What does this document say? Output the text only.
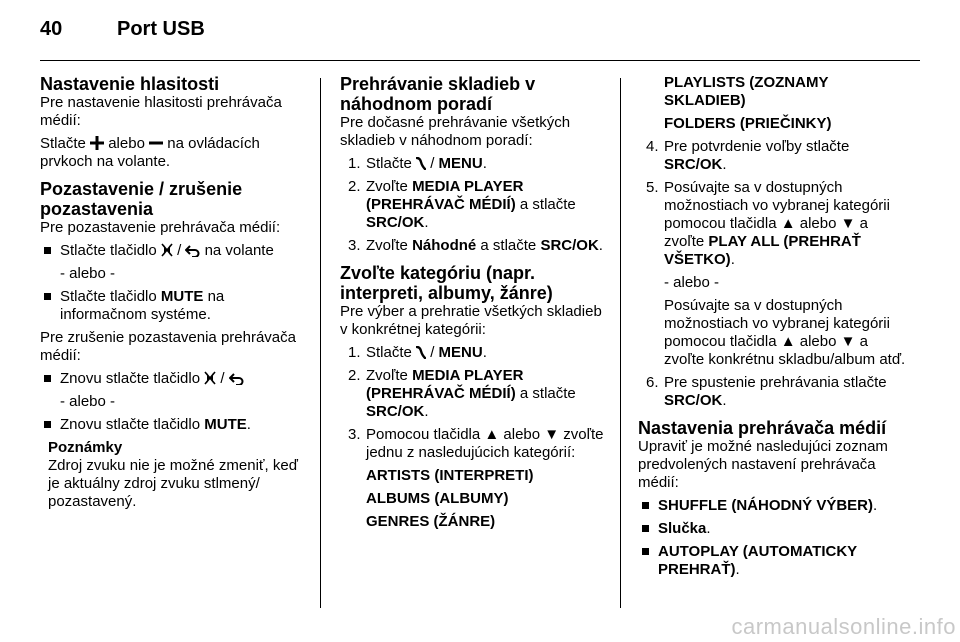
40	Port USB
Nastavenie hlasitosti

Pre nastavenie hlasitosti prehrávača médií:

Stlačte alebo na ovládacích prvkoch na volante.

Pozastavenie / zrušenie pozastavenia

Pre pozastavenie prehrávača médií:

Stlačte tlačidlo / na volante

- alebo -

Stlačte tlačidlo MUTE na informačnom systéme.

Pre zrušenie pozastavenia prehrávača médií:

Znovu stlačte tlačidlo /

- alebo -

Znovu stlačte tlačidlo MUTE.
Poznámky
Zdroj zvuku nie je možné zmeniť, keď je aktuálny zdroj zvuku stlmený/ pozastavený.
Prehrávanie skladieb v náhodnom poradí

Pre dočasné prehrávanie všetkých skladieb v náhodnom poradí:

1. Stlačte / MENU.
2. Zvoľte MEDIA PLAYER (PREHRÁVAČ MÉDIÍ) a stlačte SRC/OK.
3. Zvoľte Náhodné a stlačte SRC/OK.
Zvoľte kategóriu (napr. interpreti, albumy, žánre)

Pre výber a prehratie všetkých skladieb v konkrétnej kategórii:

1. Stlačte / MENU.
2. Zvoľte MEDIA PLAYER (PREHRÁVAČ MÉDIÍ) a stlačte SRC/OK.
3. Pomocou tlačidla ▲ alebo ▼ zvoľte jednu z nasledujúcich kategórií:

ARTISTS (INTERPRETI)

ALBUMS (ALBUMY)

GENRES (ŽÁNRE)

PLAYLISTS (ZOZNAMY SKLADIEB)

FOLDERS (PRIEČINKY)

4. Pre potvrdenie voľby stlačte SRC/OK.
5. Posúvajte sa v dostupných možnostiach vo vybranej kategórii pomocou tlačidla ▲ alebo ▼ a zvoľte PLAY ALL (PREHRAŤ VŠETKO).

- alebo -

Posúvajte sa v dostupných možnostiach vo vybranej kategórii pomocou tlačidla ▲ alebo ▼ a zvoľte konkrétnu skladbu/album atď.

6. Pre spustenie prehrávania stlačte SRC/OK.
Nastavenia prehrávača médií

Upraviť je možné nasledujúci zoznam predvolených nastavení prehrávača médií:

SHUFFLE (NÁHODNÝ VÝBER).
Slučka.
AUTOPLAY (AUTOMATICKY PREHRAŤ).
carmanualsonline.info
